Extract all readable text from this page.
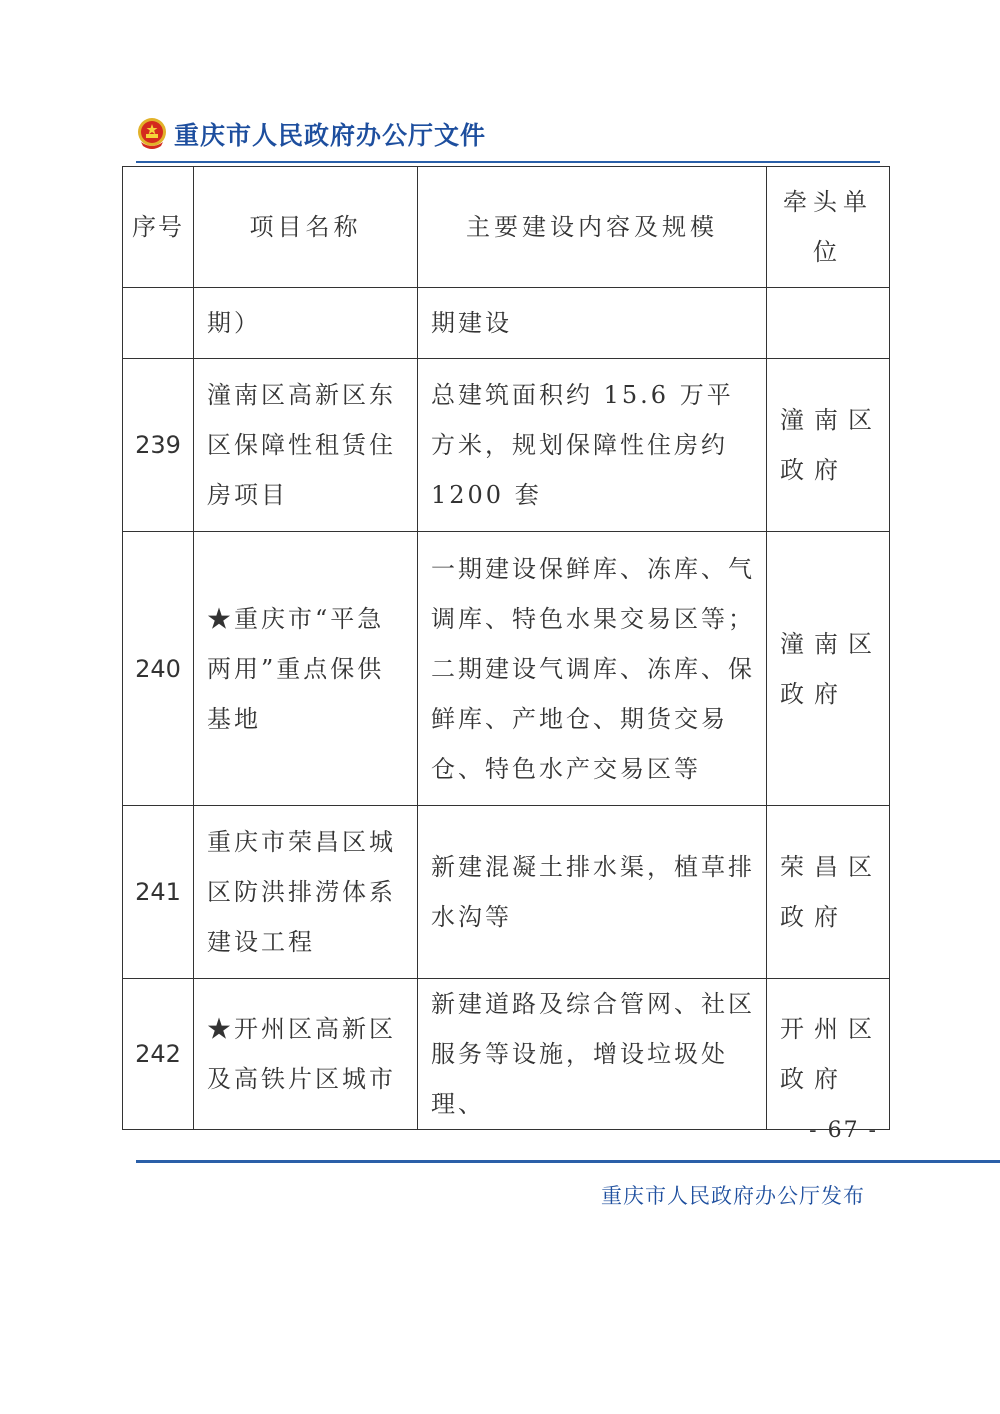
重庆市人民政府办公厅文件
序号	项目名称	主要建设内容及规模	牵头单位
	期）	期建设	
239	潼南区高新区东区保障性租赁住房项目	总建筑面积约 15.6 万平方米，规划保障性住房约 1200 套	潼南区政府
240	★重庆市“平急两用”重点保供基地	一期建设保鲜库、冻库、气调库、特色水果交易区等；二期建设气调库、冻库、保鲜库、产地仓、期货交易仓、特色水产交易区等	潼南区政府
241	重庆市荣昌区城区防洪排涝体系建设工程	新建混凝土排水渠，植草排水沟等	荣昌区政府
242	★开州区高新区及高铁片区城市	新建道路及综合管网、社区服务等设施，增设垃圾处理、	开州区政府
- 67 -
重庆市人民政府办公厅发布
